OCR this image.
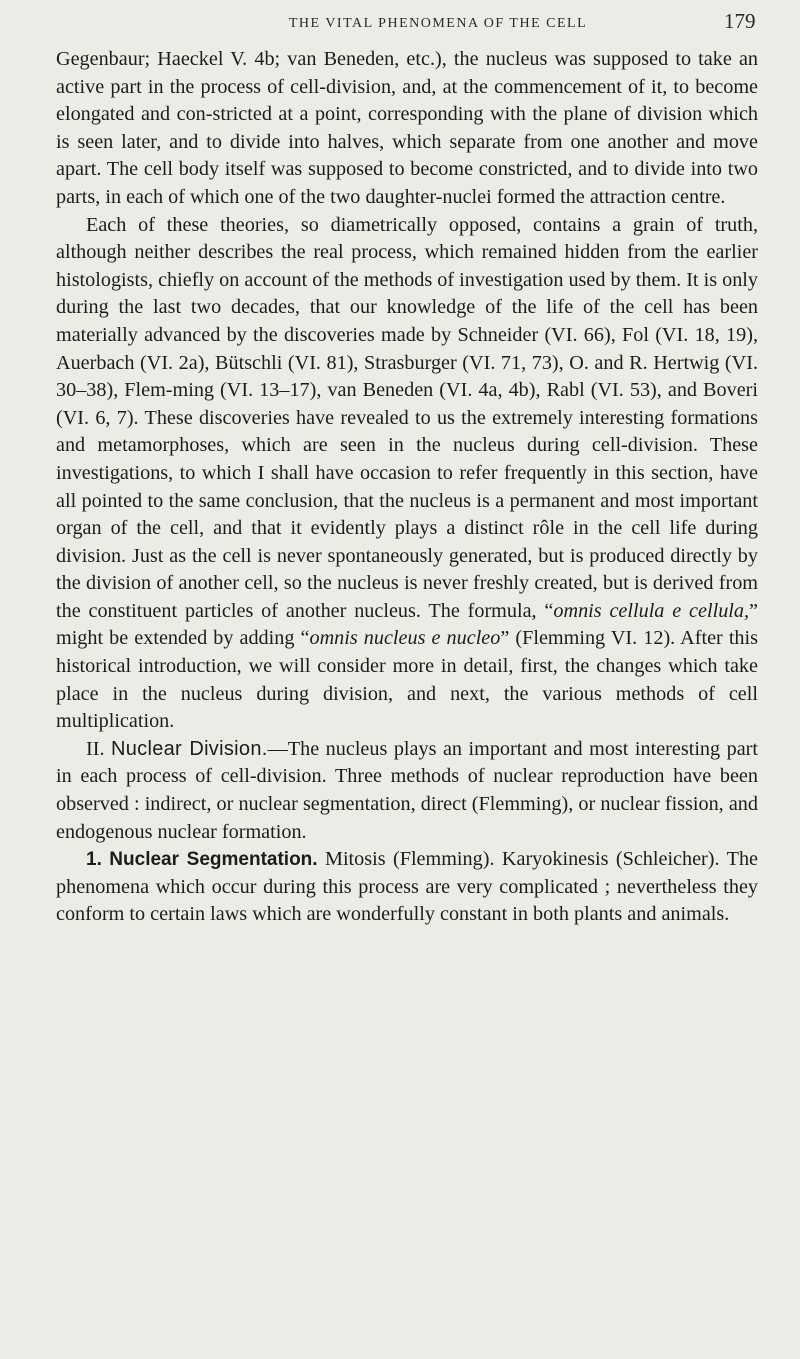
THE VITAL PHENOMENA OF THE CELL	179

Gegenbaur; Haeckel V. 4b; van Beneden, etc.), the nucleus was supposed to take an active part in the process of cell-division, and, at the commencement of it, to become elongated and con-stricted at a point, corresponding with the plane of division which is seen later, and to divide into halves, which separate from one another and move apart. The cell body itself was supposed to become constricted, and to divide into two parts, in each of which one of the two daughter-nuclei formed the attraction centre.

Each of these theories, so diametrically opposed, contains a grain of truth, although neither describes the real process, which remained hidden from the earlier histologists, chiefly on account of the methods of investigation used by them. It is only during the last two decades, that our knowledge of the life of the cell has been materially advanced by the discoveries made by Schneider (VI. 66), Fol (VI. 18, 19), Auerbach (VI. 2a), Bütschli (VI. 81), Strasburger (VI. 71, 73), O. and R. Hertwig (VI. 30–38), Flem-ming (VI. 13–17), van Beneden (VI. 4a, 4b), Rabl (VI. 53), and Boveri (VI. 6, 7). These discoveries have revealed to us the extremely interesting formations and metamorphoses, which are seen in the nucleus during cell-division. These investigations, to which I shall have occasion to refer frequently in this section, have all pointed to the same conclusion, that the nucleus is a permanent and most important organ of the cell, and that it evidently plays a distinct rôle in the cell life during division. Just as the cell is never spontaneously generated, but is produced directly by the division of another cell, so the nucleus is never freshly created, but is derived from the constituent particles of another nucleus. The formula, “omnis cellula e cellula,” might be extended by adding “omnis nucleus e nucleo” (Flemming VI. 12). After this historical introduction, we will consider more in detail, first, the changes which take place in the nucleus during division, and next, the various methods of cell multiplication.

II. Nuclear Division.—The nucleus plays an important and most interesting part in each process of cell-division. Three methods of nuclear reproduction have been observed : indirect, or nuclear segmentation, direct (Flemming), or nuclear fission, and endogenous nuclear formation.

1. Nuclear Segmentation. Mitosis (Flemming). Karyokinesis (Schleicher). The phenomena which occur during this process are very complicated ; nevertheless they conform to certain laws which are wonderfully constant in both plants and animals.
